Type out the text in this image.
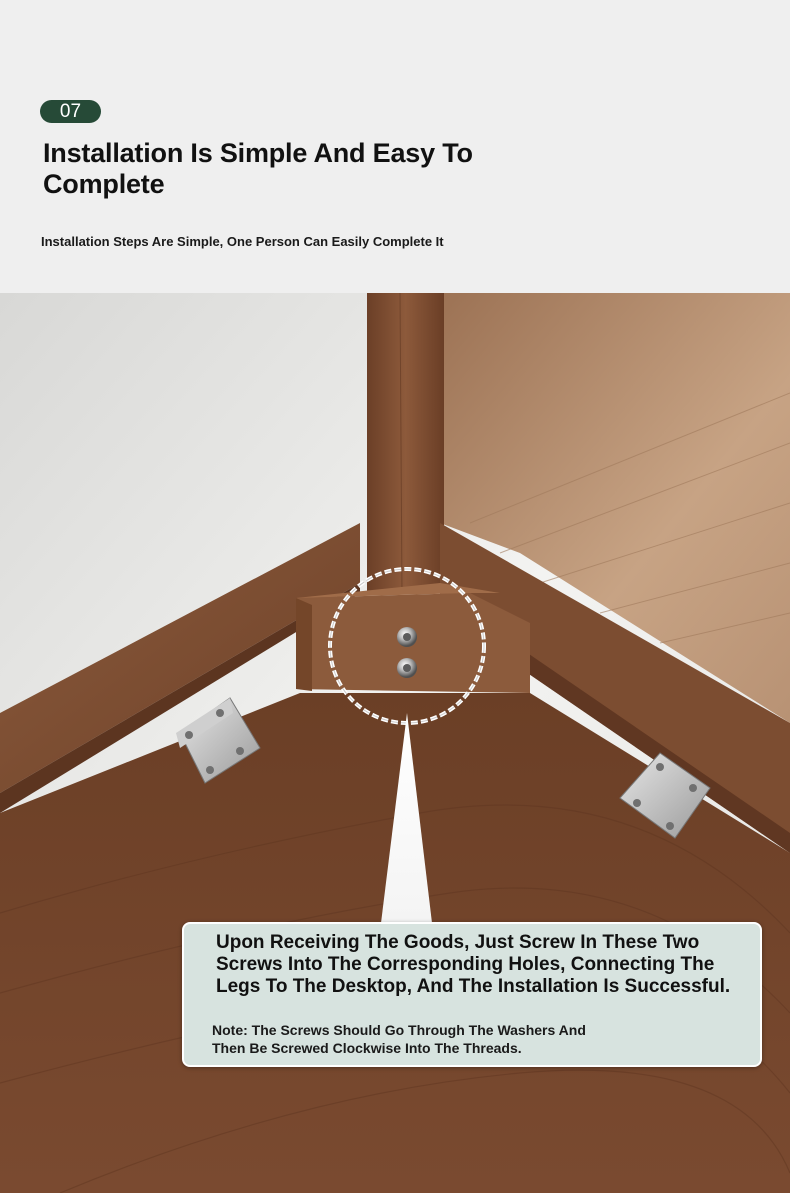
07
Installation Is Simple And Easy To Complete
Installation Steps Are Simple, One Person Can Easily Complete It
Upon Receiving The Goods, Just Screw In These Two Screws Into The Corresponding Holes, Connecting The Legs To The Desktop, And The Installation Is Successful.
Note: The Screws Should Go Through The Washers And Then Be Screwed Clockwise Into The Threads.
